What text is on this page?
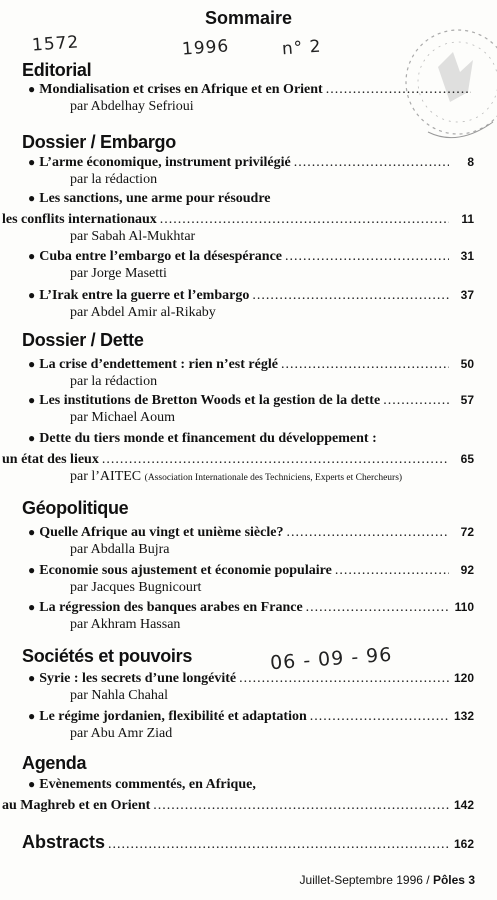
Sommaire
1572	1996	n° 2
Editorial
● Mondialisation et crises en Afrique et en Orient
.....
par Abdelhay Sefrioui
Dossier / Embargo
● L’arme économique, instrument privilégié .....	8
par la rédaction
● Les sanctions, une arme pour résoudre
les conflits internationaux .....	11
par Sabah Al-Mukhtar
● Cuba entre l’embargo et la désespérance .....	31
par Jorge Masetti
● L’Irak entre la guerre et l’embargo .....	37
par Abdel Amir al-Rikaby
Dossier / Dette
● La crise d’endettement : rien n’est réglé .....	50
par la rédaction
● Les institutions de Bretton Woods et la gestion de la dette .....	57
par Michael Aoum
● Dette du tiers monde et financement du développement :
un état des lieux .....	65
par l’AITEC (Association Internationale des Techniciens, Experts et Chercheurs)
Géopolitique
● Quelle Afrique au vingt et unième siècle? .....	72
par Abdalla Bujra
● Economie sous ajustement et économie populaire .....	92
par Jacques Bugnicourt
● La régression des banques arabes en France .....	110
par Akhram Hassan
Sociétés et pouvoirs	06 - 09 - 96
● Syrie : les secrets d’une longévité .....	120
par Nahla Chahal
● Le régime jordanien, flexibilité et adaptation .....	132
par Abu Amr Ziad
Agenda
● Evènements commentés, en Afrique,
au Maghreb et en Orient .....	142
Abstracts .....	162
Juillet-Septembre 1996 / Pôles 3
